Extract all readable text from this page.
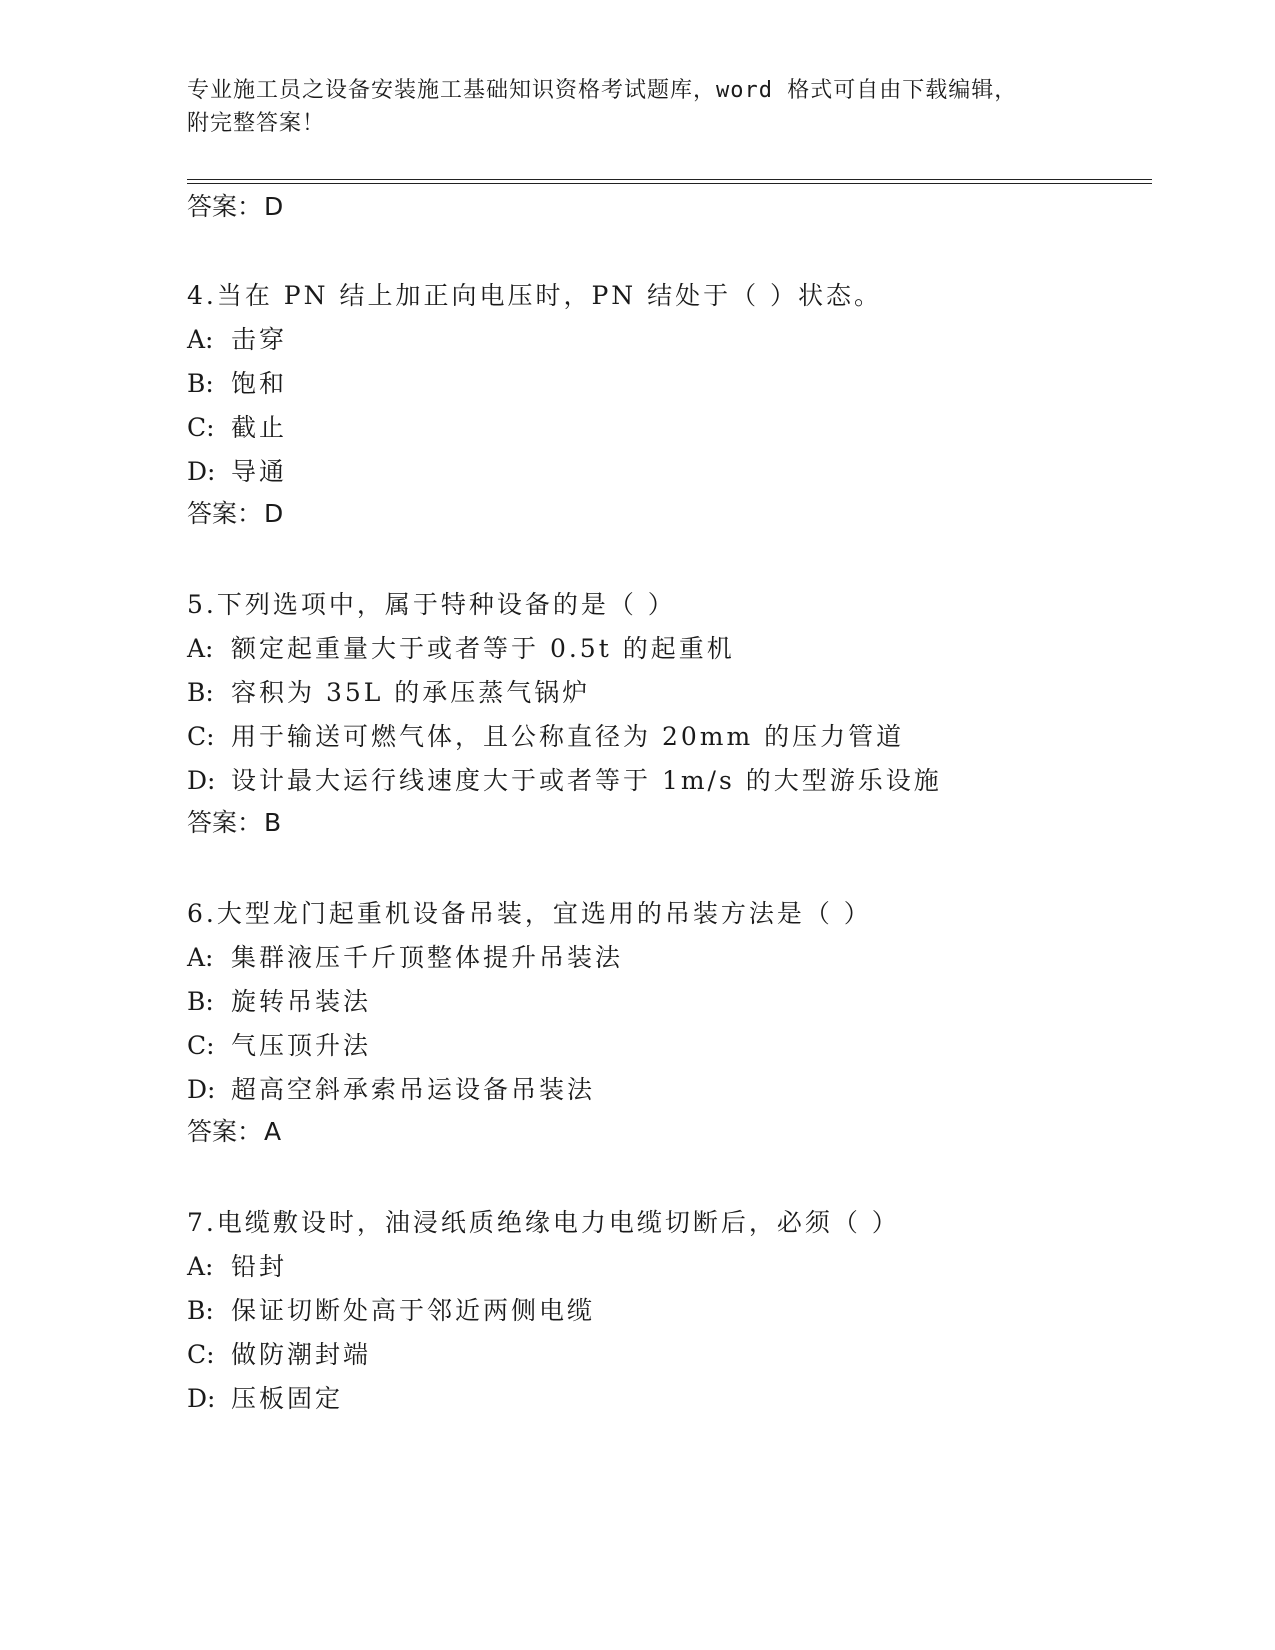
专业施工员之设备安装施工基础知识资格考试题库，word 格式可自由下载编辑，
附完整答案！
答案：D
4.当在 PN 结上加正向电压时，PN 结处于（ ）状态。
A: 击穿
B: 饱和
C: 截止
D: 导通
答案：D
5.下列选项中，属于特种设备的是（ ）
A: 额定起重量大于或者等于 0.5t 的起重机
B: 容积为 35L 的承压蒸气锅炉
C: 用于输送可燃气体，且公称直径为 20mm 的压力管道
D: 设计最大运行线速度大于或者等于 1m/s 的大型游乐设施
答案：B
6.大型龙门起重机设备吊装，宜选用的吊装方法是（ ）
A: 集群液压千斤顶整体提升吊装法
B: 旋转吊装法
C: 气压顶升法
D: 超高空斜承索吊运设备吊装法
答案：A
7.电缆敷设时，油浸纸质绝缘电力电缆切断后，必须（ ）
A: 铅封
B: 保证切断处高于邻近两侧电缆
C: 做防潮封端
D: 压板固定
